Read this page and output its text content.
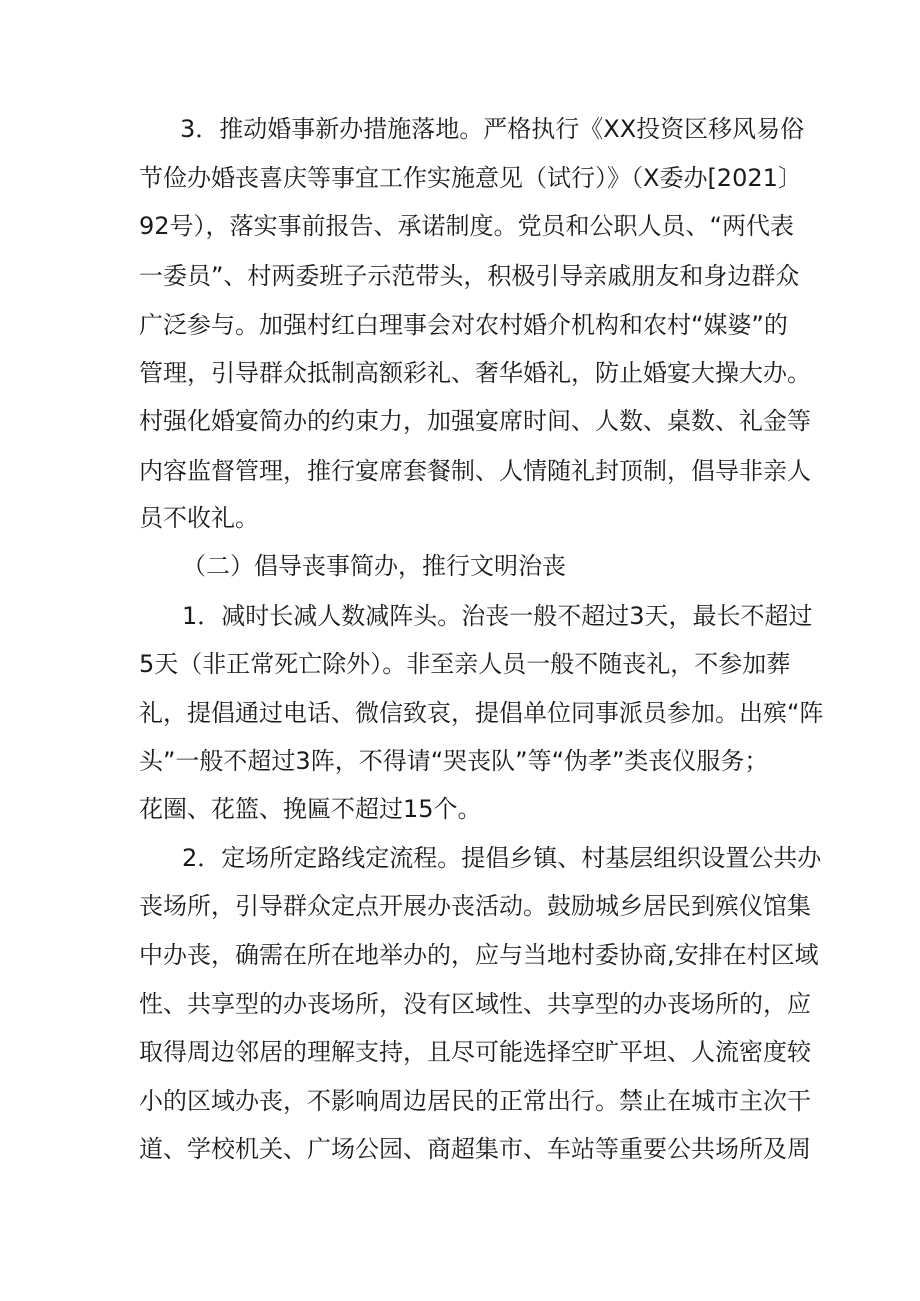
3．推动婚事新办措施落地。严格执行《XX投资区移风易俗
节俭办婚丧喜庆等事宜工作实施意见（试行）》（X委办[2021〕
92号），落实事前报告、承诺制度。党员和公职人员、“两代表
一委员”、村两委班子示范带头，积极引导亲戚朋友和身边群众
广泛参与。加强村红白理事会对农村婚介机构和农村“媒婆”的
管理，引导群众抵制高额彩礼、奢华婚礼，防止婚宴大操大办。
村强化婚宴简办的约束力，加强宴席时间、人数、桌数、礼金等
内容监督管理，推行宴席套餐制、人情随礼封顶制，倡导非亲人
员不收礼。
（二）倡导丧事简办，推行文明治丧
1．减时长减人数减阵头。治丧一般不超过3天，最长不超过
5天（非正常死亡除外）。非至亲人员一般不随丧礼，不参加葬
礼，提倡通过电话、微信致哀，提倡单位同事派员参加。出殡“阵
头”一般不超过3阵，不得请“哭丧队”等“伪孝”类丧仪服务；
花圈、花篮、挽匾不超过15个。
2．定场所定路线定流程。提倡乡镇、村基层组织设置公共办
丧场所，引导群众定点开展办丧活动。鼓励城乡居民到殡仪馆集
中办丧，确需在所在地举办的，应与当地村委协商,安排在村区域
性、共享型的办丧场所，没有区域性、共享型的办丧场所的，应
取得周边邻居的理解支持，且尽可能选择空旷平坦、人流密度较
小的区域办丧，不影响周边居民的正常出行。禁止在城市主次干
道、学校机关、广场公园、商超集市、车站等重要公共场所及周
